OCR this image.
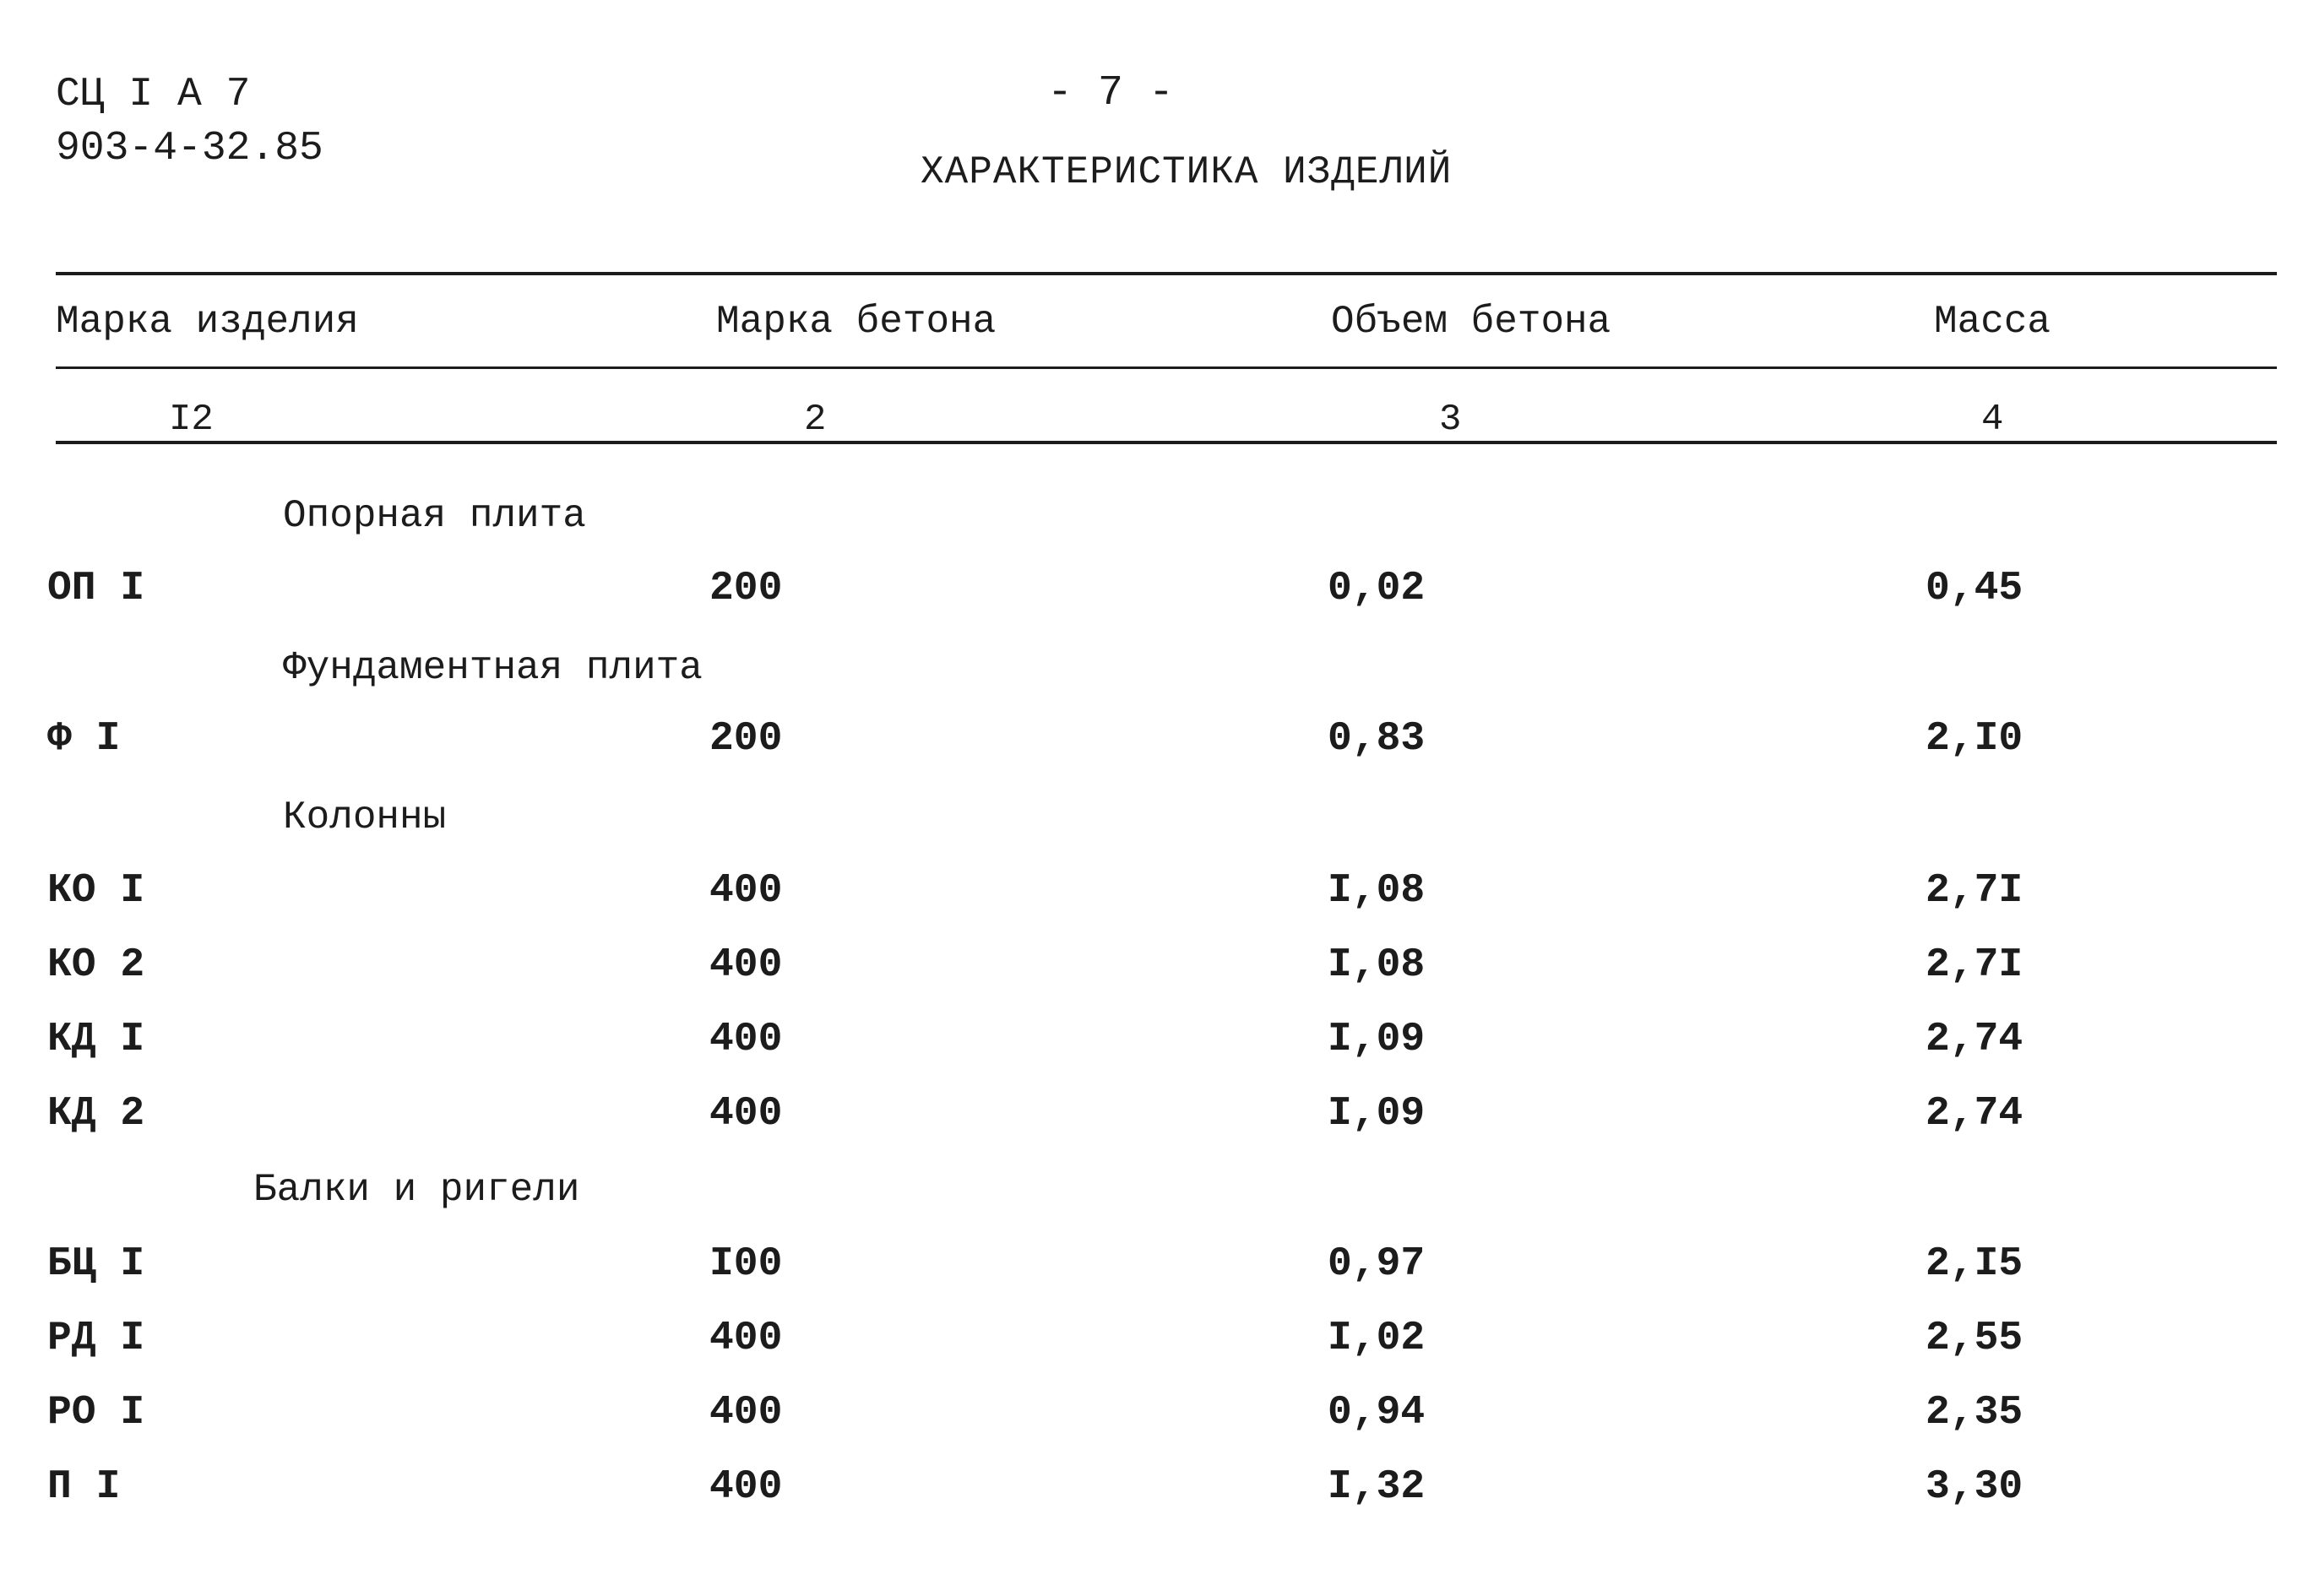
СЦ I А 7
903-4-32.85
- 7 -
ХАРАКТЕРИСТИКА ИЗДЕЛИЙ
Марка изделия	Марка бетона	Объем бетона	Масса
I2	2	3	4
Опорная плита
ОП I	200	0,02	0,45
Фундаментная плита
Ф I	200	0,83	2,I0
Колонны
КО I	400	I,08	2,7I
КО 2	400	I,08	2,7I
КД I	400	I,09	2,74
КД 2	400	I,09	2,74
Балки и ригели
БЦ I	I00	0,97	2,I5
РД I	400	I,02	2,55
РО I	400	0,94	2,35
П I	400	I,32	3,30
